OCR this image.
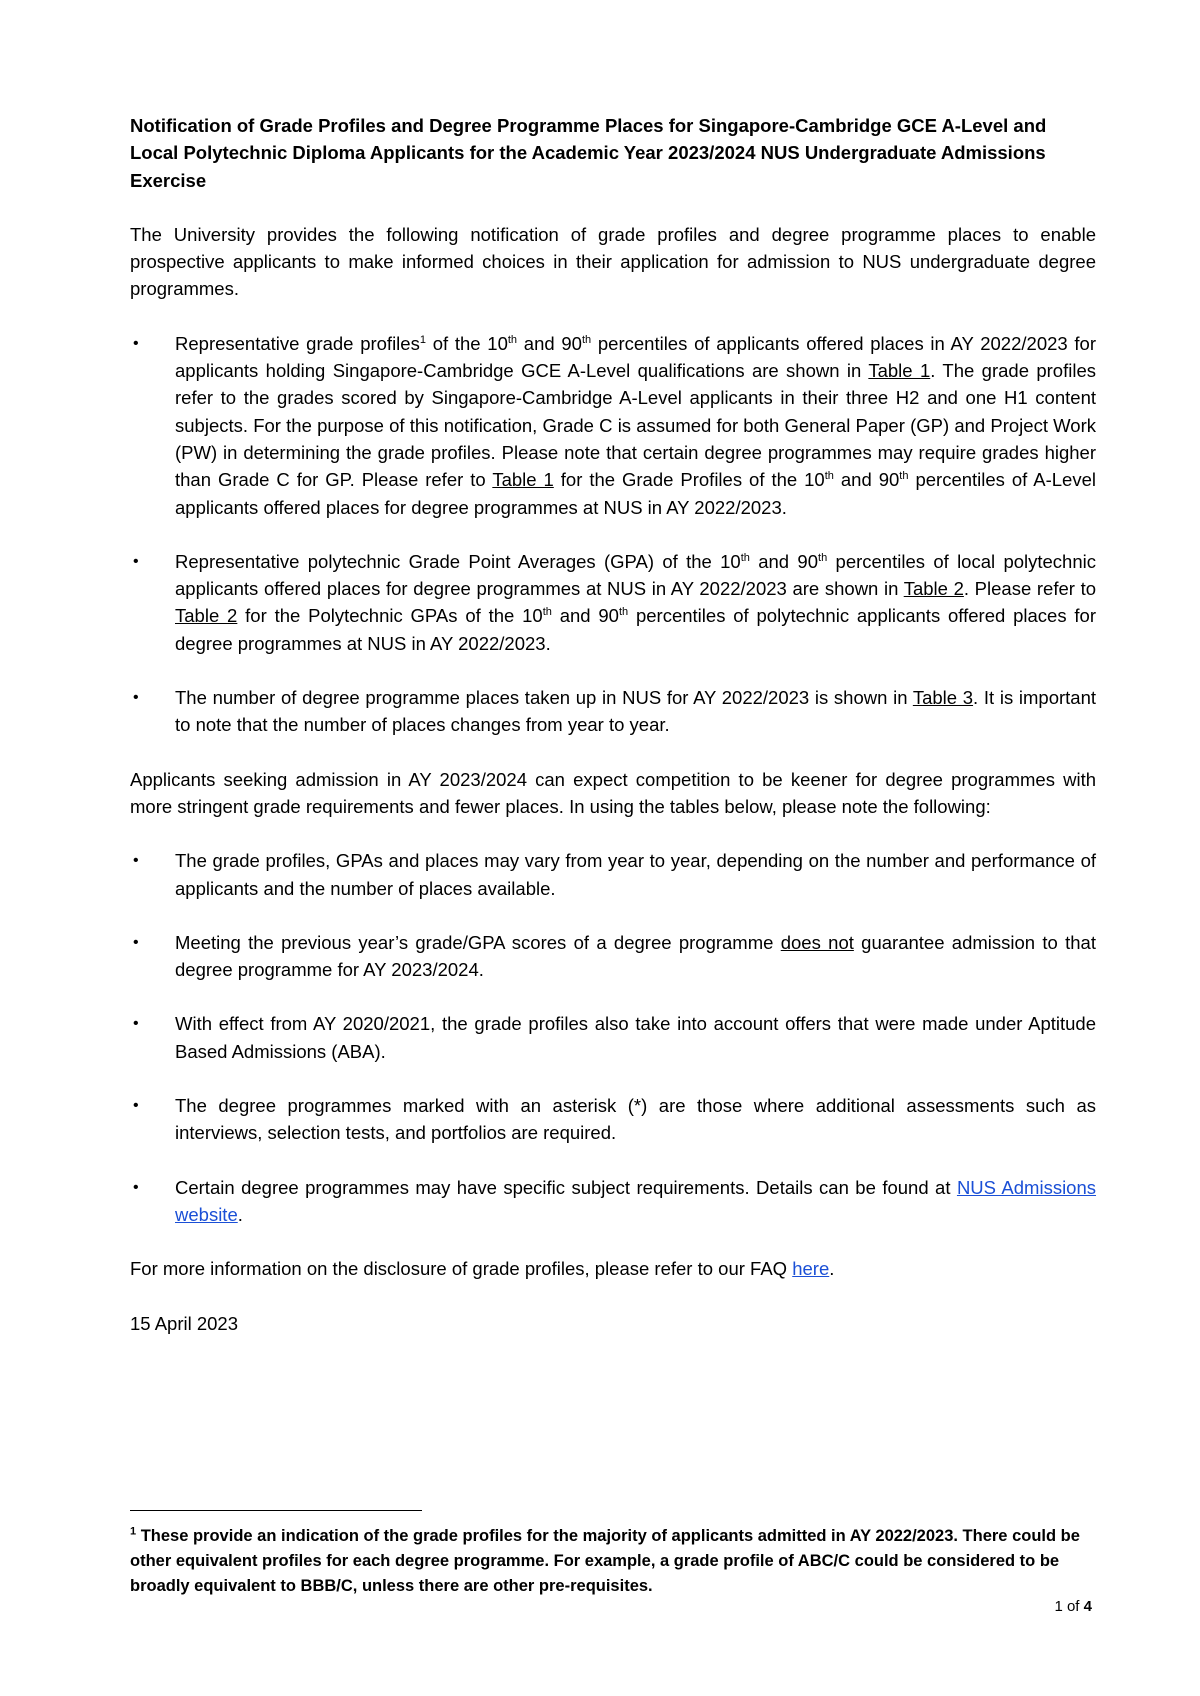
Notification of Grade Profiles and Degree Programme Places for Singapore-Cambridge GCE A-Level and Local Polytechnic Diploma Applicants for the Academic Year 2023/2024 NUS Undergraduate Admissions Exercise

The University provides the following notification of grade profiles and degree programme places to enable prospective applicants to make informed choices in their application for admission to NUS undergraduate degree programmes.

• Representative grade profiles$^1$ of the 10th and 90th percentiles of applicants offered places in AY 2022/2023 for applicants holding Singapore-Cambridge GCE A-Level qualifications are shown in Table 1. The grade profiles refer to the grades scored by Singapore-Cambridge A-Level applicants in their three H2 and one H1 content subjects. For the purpose of this notification, Grade C is assumed for both General Paper (GP) and Project Work (PW) in determining the grade profiles. Please note that certain degree programmes may require grades higher than Grade C for GP. Please refer to Table 1 for the Grade Profiles of the 10th and 90th percentiles of A-Level applicants offered places for degree programmes at NUS in AY 2022/2023.
• Representative polytechnic Grade Point Averages (GPA) of the 10th and 90th percentiles of local polytechnic applicants offered places for degree programmes at NUS in AY 2022/2023 are shown in Table 2. Please refer to Table 2 for the Polytechnic GPAs of the 10th and 90th percentiles of polytechnic applicants offered places for degree programmes at NUS in AY 2022/2023.
• The number of degree programme places taken up in NUS for AY 2022/2023 is shown in Table 3. It is important to note that the number of places changes from year to year.

Applicants seeking admission in AY 2023/2024 can expect competition to be keener for degree programmes with more stringent grade requirements and fewer places. In using the tables below, please note the following:

• The grade profiles, GPAs and places may vary from year to year, depending on the number and performance of applicants and the number of places available.
• Meeting the previous year’s grade/GPA scores of a degree programme does not guarantee admission to that degree programme for AY 2023/2024.
• With effect from AY 2020/2021, the grade profiles also take into account offers that were made under Aptitude Based Admissions (ABA).
• The degree programmes marked with an asterisk (*) are those where additional assessments such as interviews, selection tests, and portfolios are required.
• Certain degree programmes may have specific subject requirements. Details can be found at NUS Admissions website.

For more information on the disclosure of grade profiles, please refer to our FAQ here.

15 April 2023

$^1$ These provide an indication of the grade profiles for the majority of applicants admitted in AY 2022/2023. There could be other equivalent profiles for each degree programme. For example, a grade profile of ABC/C could be considered to be broadly equivalent to BBB/C, unless there are other pre-requisites.
1 of 4
